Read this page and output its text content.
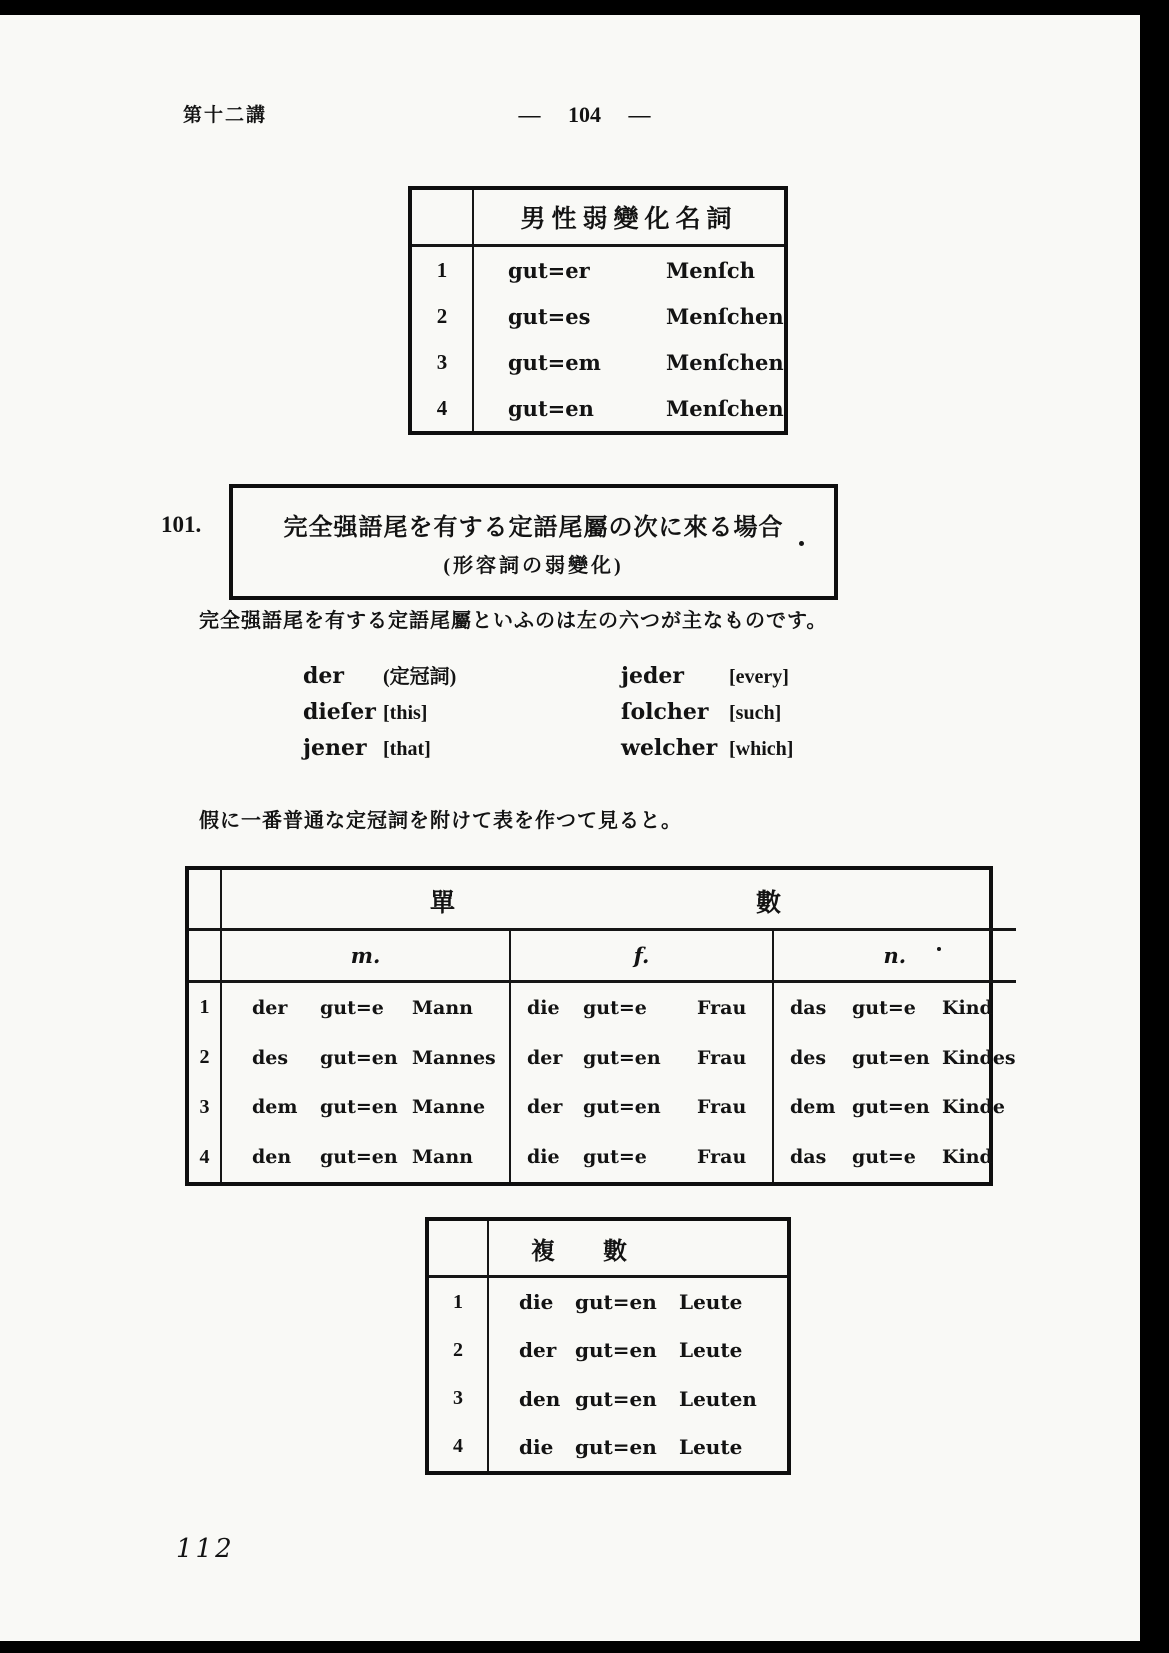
第十二講	— 104 —
男性弱變化名詞
1	gut=er	Menſch
2	gut=es	Menſchen
3	gut=em	Menſchen
4	gut=en	Menſchen
101.	完全强語尾を有する定語尾屬の次に來る場合
(形容詞の弱變化)
完全强語尾を有する定語尾屬といふのは左の六つが主なものです。
der	(定冠詞)	jeder	[every]
dieſer [this]	ſolcher	[such]
jener [that]	welcher [which]
假に一番普通な定冠詞を附けて表を作つて見ると。
單	數
m.	f.	n.
1	der	gut=e	Mann	die	gut=e	Frau	das	gut=e	Kind
2	des	gut=en Mannes	der	gut=en	Frau	des	gut=en Kindes
3	dem	gut=en Manne	der	gut=en	Frau	dem gut=en Kinde
4	den	gut=en Mann	die	gut=e	Frau	das	gut=e	Kind
複 數
1	die	gut=en	Leute
2	der gut=en	Leute
3	den gut=en	Leuten
4	die	gut=en	Leute
112
